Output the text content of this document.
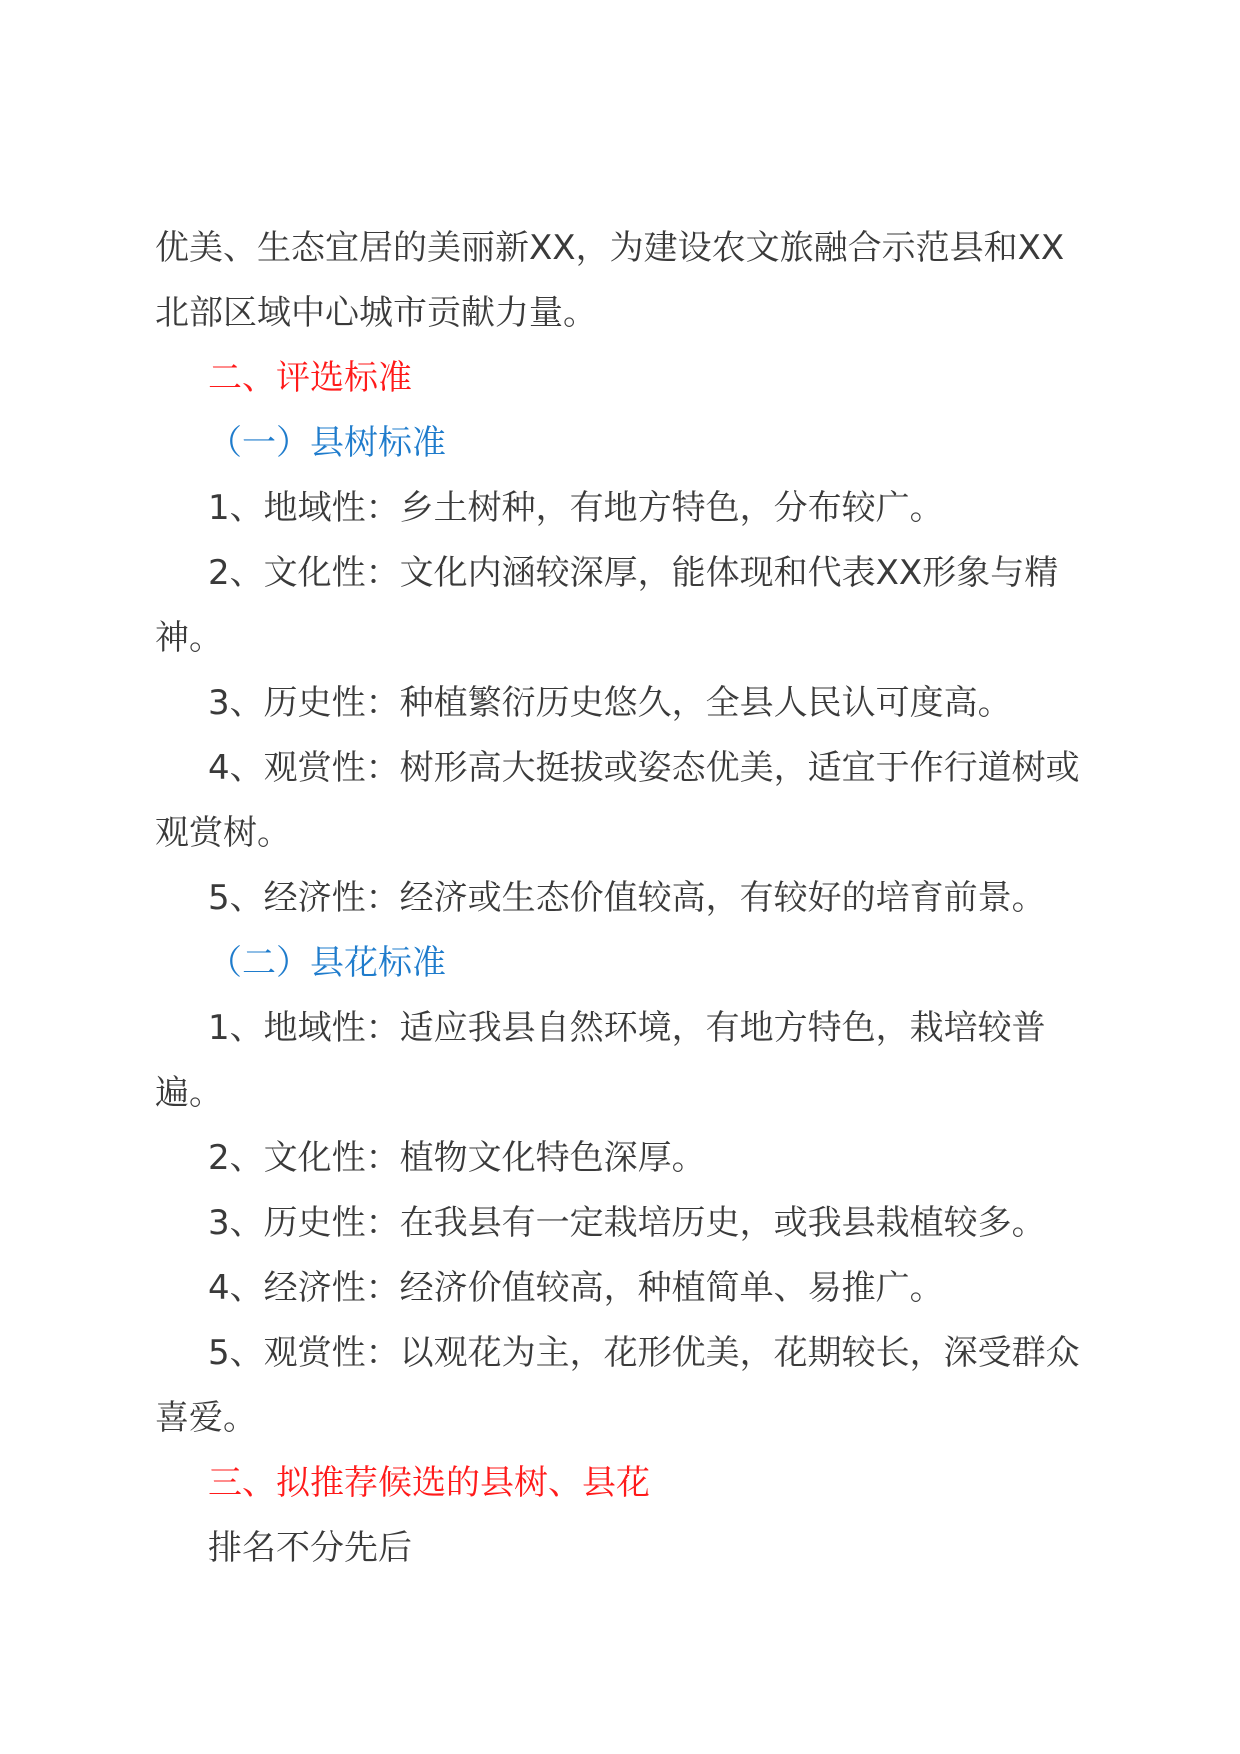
优美、生态宜居的美丽新XX，为建设农文旅融合示范县和XX北部区域中心城市贡献力量。

二、评选标准

（一）县树标准

1、地域性：乡土树种，有地方特色，分布较广。

2、文化性：文化内涵较深厚，能体现和代表XX形象与精神。

3、历史性：种植繁衍历史悠久，全县人民认可度高。

4、观赏性：树形高大挺拔或姿态优美，适宜于作行道树或观赏树。

5、经济性：经济或生态价值较高，有较好的培育前景。

（二）县花标准

1、地域性：适应我县自然环境，有地方特色，栽培较普遍。

2、文化性：植物文化特色深厚。

3、历史性：在我县有一定栽培历史，或我县栽植较多。

4、经济性：经济价值较高，种植简单、易推广。

5、观赏性：以观花为主，花形优美，花期较长，深受群众喜爱。

三、拟推荐候选的县树、县花

排名不分先后
